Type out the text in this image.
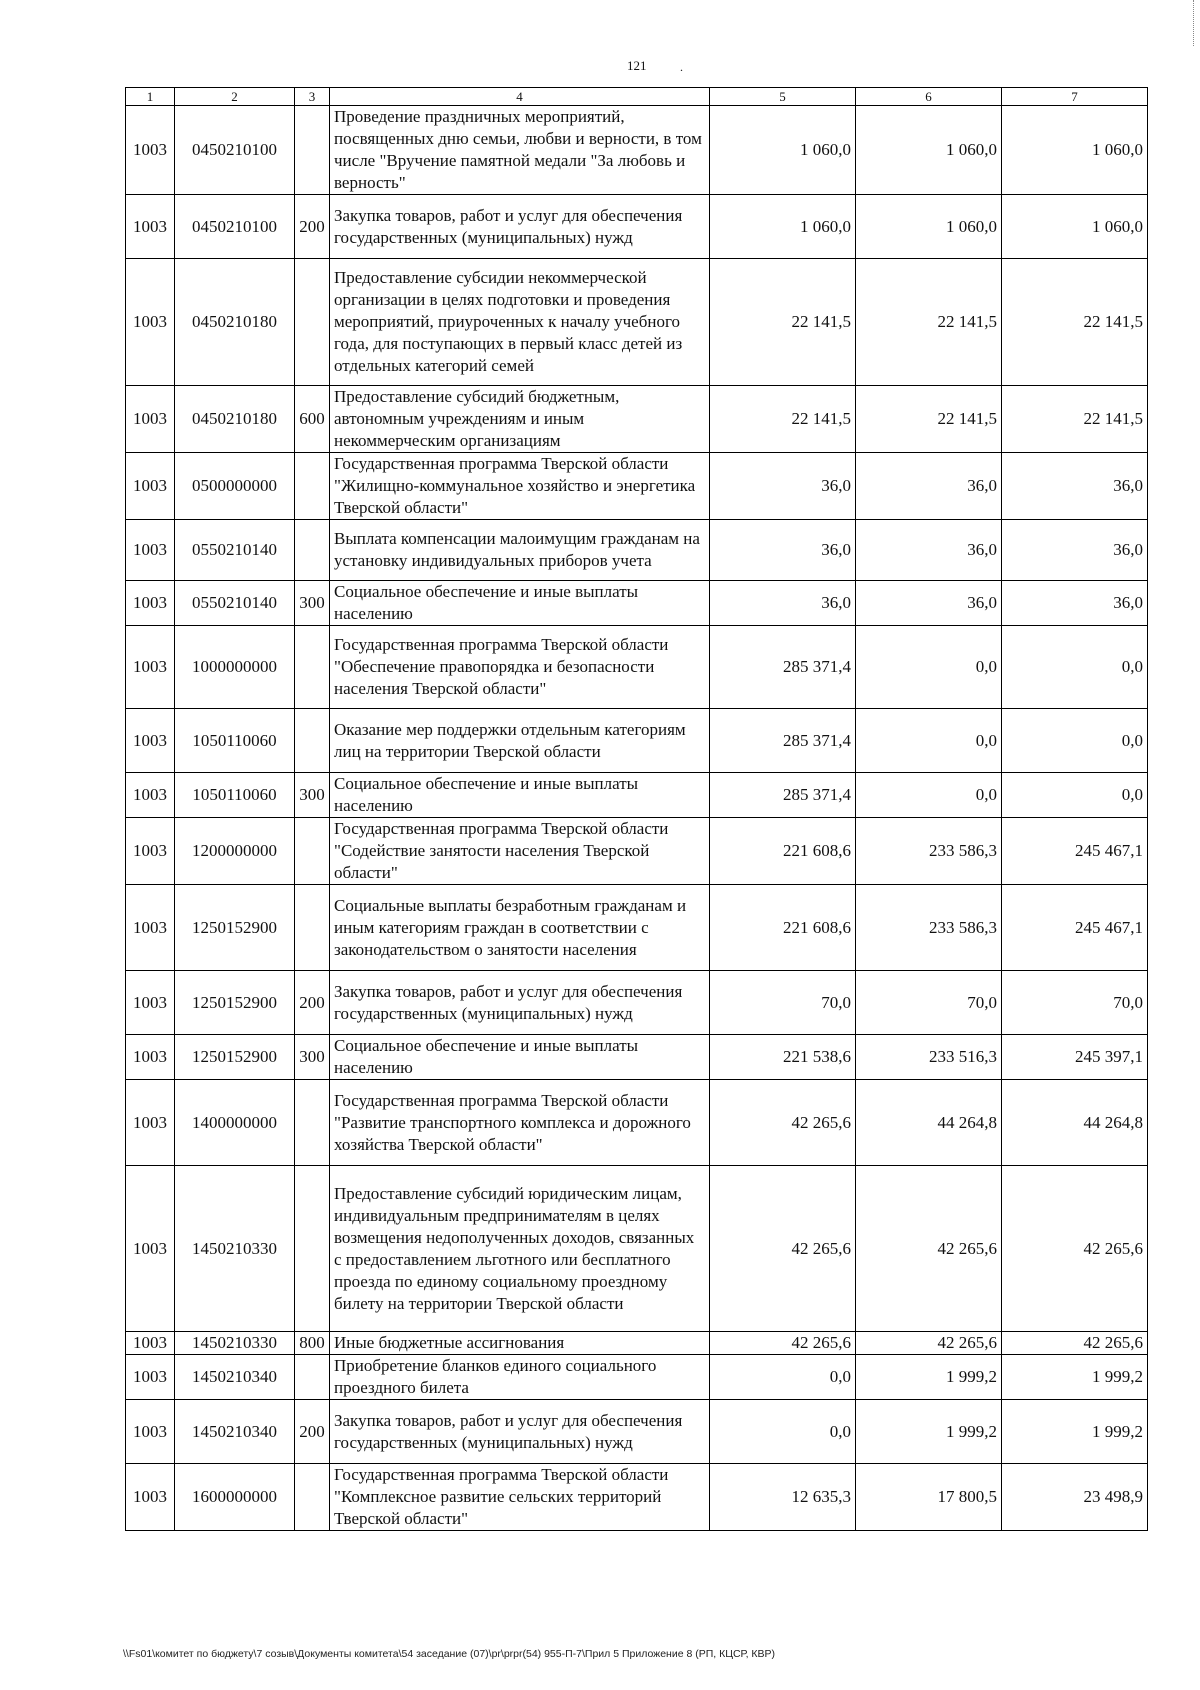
121	.
1	2	3	4	5	6	7
1003	0450210100		Проведение праздничных мероприятий, посвященных дню семьи, любви и верности, в том числе "Вручение памятной медали "За любовь и верность"	1 060,0	1 060,0	1 060,0
1003	0450210100	200	Закупка товаров, работ и услуг для обеспечения государственных (муниципальных) нужд	1 060,0	1 060,0	1 060,0
1003	0450210180		Предоставление субсидии некоммерческой организации в целях подготовки и проведения мероприятий, приуроченных к началу учебного года, для поступающих в первый класс детей из отдельных категорий семей	22 141,5	22 141,5	22 141,5
1003	0450210180	600	Предоставление субсидий бюджетным, автономным учреждениям и иным некоммерческим организациям	22 141,5	22 141,5	22 141,5
1003	0500000000		Государственная программа Тверской области "Жилищно-коммунальное хозяйство и энергетика Тверской области"	36,0	36,0	36,0
1003	0550210140		Выплата компенсации малоимущим гражданам на установку индивидуальных приборов учета	36,0	36,0	36,0
1003	0550210140	300	Социальное обеспечение и иные выплаты населению	36,0	36,0	36,0
1003	1000000000		Государственная программа Тверской области "Обеспечение правопорядка и безопасности населения Тверской области"	285 371,4	0,0	0,0
1003	1050110060		Оказание мер поддержки отдельным категориям лиц на территории Тверской области	285 371,4	0,0	0,0
1003	1050110060	300	Социальное обеспечение и иные выплаты населению	285 371,4	0,0	0,0
1003	1200000000		Государственная программа Тверской области "Содействие занятости населения Тверской области"	221 608,6	233 586,3	245 467,1
1003	1250152900		Социальные выплаты безработным гражданам и иным категориям граждан в соответствии с законодательством о занятости населения	221 608,6	233 586,3	245 467,1
1003	1250152900	200	Закупка товаров, работ и услуг для обеспечения государственных (муниципальных) нужд	70,0	70,0	70,0
1003	1250152900	300	Социальное обеспечение и иные выплаты населению	221 538,6	233 516,3	245 397,1
1003	1400000000		Государственная программа Тверской области "Развитие транспортного комплекса и дорожного хозяйства Тверской области"	42 265,6	44 264,8	44 264,8
1003	1450210330		Предоставление субсидий юридическим лицам, индивидуальным предпринимателям в целях возмещения недополученных доходов, связанных с предоставлением льготного или бесплатного проезда по единому социальному проездному билету на территории Тверской области	42 265,6	42 265,6	42 265,6
1003	1450210330	800	Иные бюджетные ассигнования	42 265,6	42 265,6	42 265,6
1003	1450210340		Приобретение бланков единого социального проездного билета	0,0	1 999,2	1 999,2
1003	1450210340	200	Закупка товаров, работ и услуг для обеспечения государственных (муниципальных) нужд	0,0	1 999,2	1 999,2
1003	1600000000		Государственная программа Тверской области "Комплексное развитие сельских территорий Тверской области"	12 635,3	17 800,5	23 498,9
\\Fs01\комитет по бюджету\7 созыв\Документы комитета\54 заседание (07)\pr\prpr(54) 955-П-7\Прил 5 Приложение 8 (РП, КЦСР, КВР)
